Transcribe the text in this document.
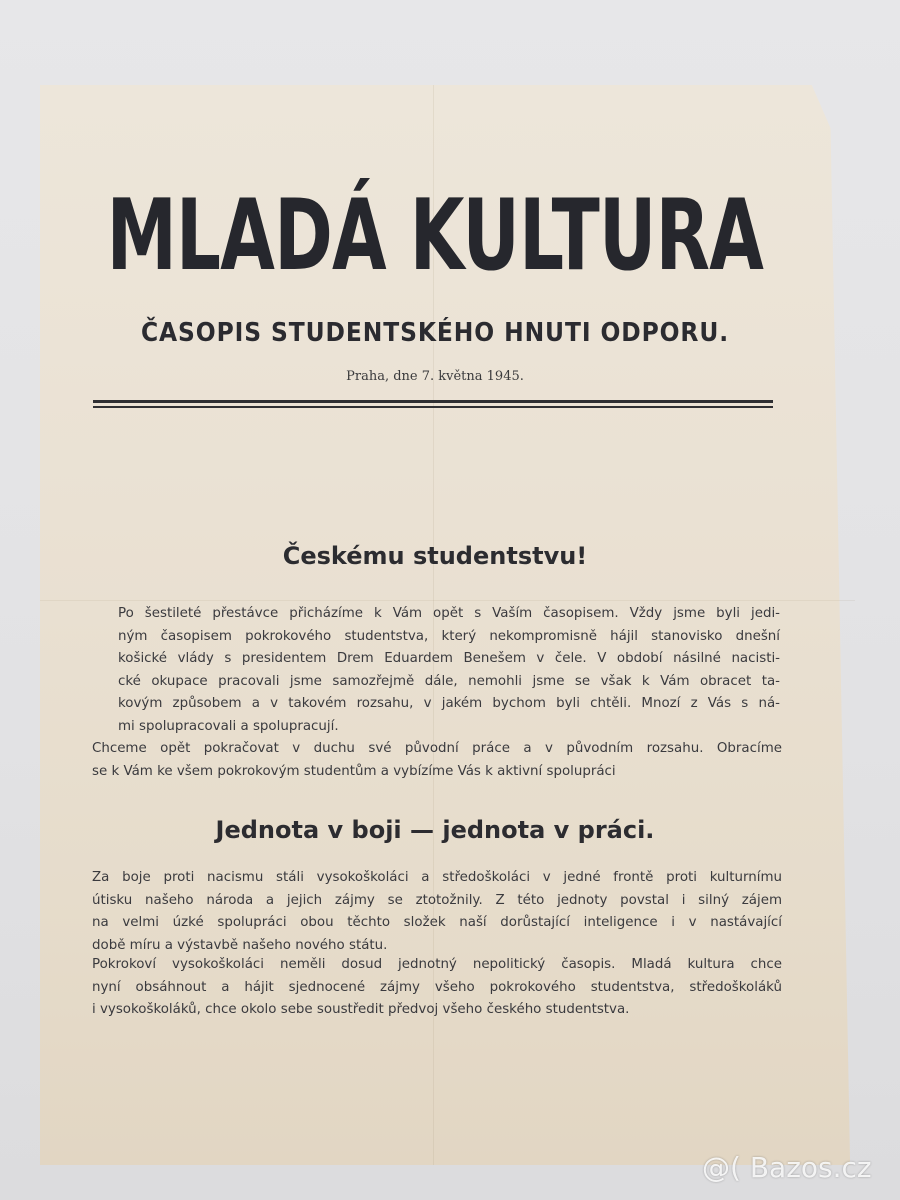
MLADÁ KULTURA
ČASOPIS STUDENTSKÉHO HNUTI ODPORU.
Praha, dne 7. května 1945.
Českému studentstvu!
Po šestileté přestávce přicházíme k Vám opět s Vaším časopisem. Vždy jsme byli jedi-
ným časopisem pokrokového studentstva, který nekompromisně hájil stanovisko dnešní
košické vlády s presidentem Drem Eduardem Benešem v čele. V období násilné nacisti-
cké okupace pracovali jsme samozřejmě dále, nemohli jsme se však k Vám obracet ta-
kovým způsobem a v takovém rozsahu, v jakém bychom byli chtěli. Mnozí z Vás s ná-
mi spolupracovali a spolupracují.
Chceme opět pokračovat v duchu své původní práce a v původním rozsahu. Obracíme
se k Vám ke všem pokrokovým studentům a vybízíme Vás k aktivní spolupráci
Jednota v boji — jednota v práci.
Za boje proti nacismu stáli vysokoškoláci a středoškoláci v jedné frontě proti kulturnímu
útisku našeho národa a jejich zájmy se ztotožnily. Z této jednoty povstal i silný zájem
na velmi úzké spolupráci obou těchto složek naší dorůstající inteligence i v nastávající
době míru a výstavbě našeho nového státu.
Pokrokoví vysokoškoláci neměli dosud jednotný nepolitický časopis. Mladá kultura chce
nyní obsáhnout a hájit sjednocené zájmy všeho pokrokového studentstva, středoškoláků
i vysokoškoláků, chce okolo sebe soustředit předvoj všeho českého studentstva.
@( Bazos.cz
